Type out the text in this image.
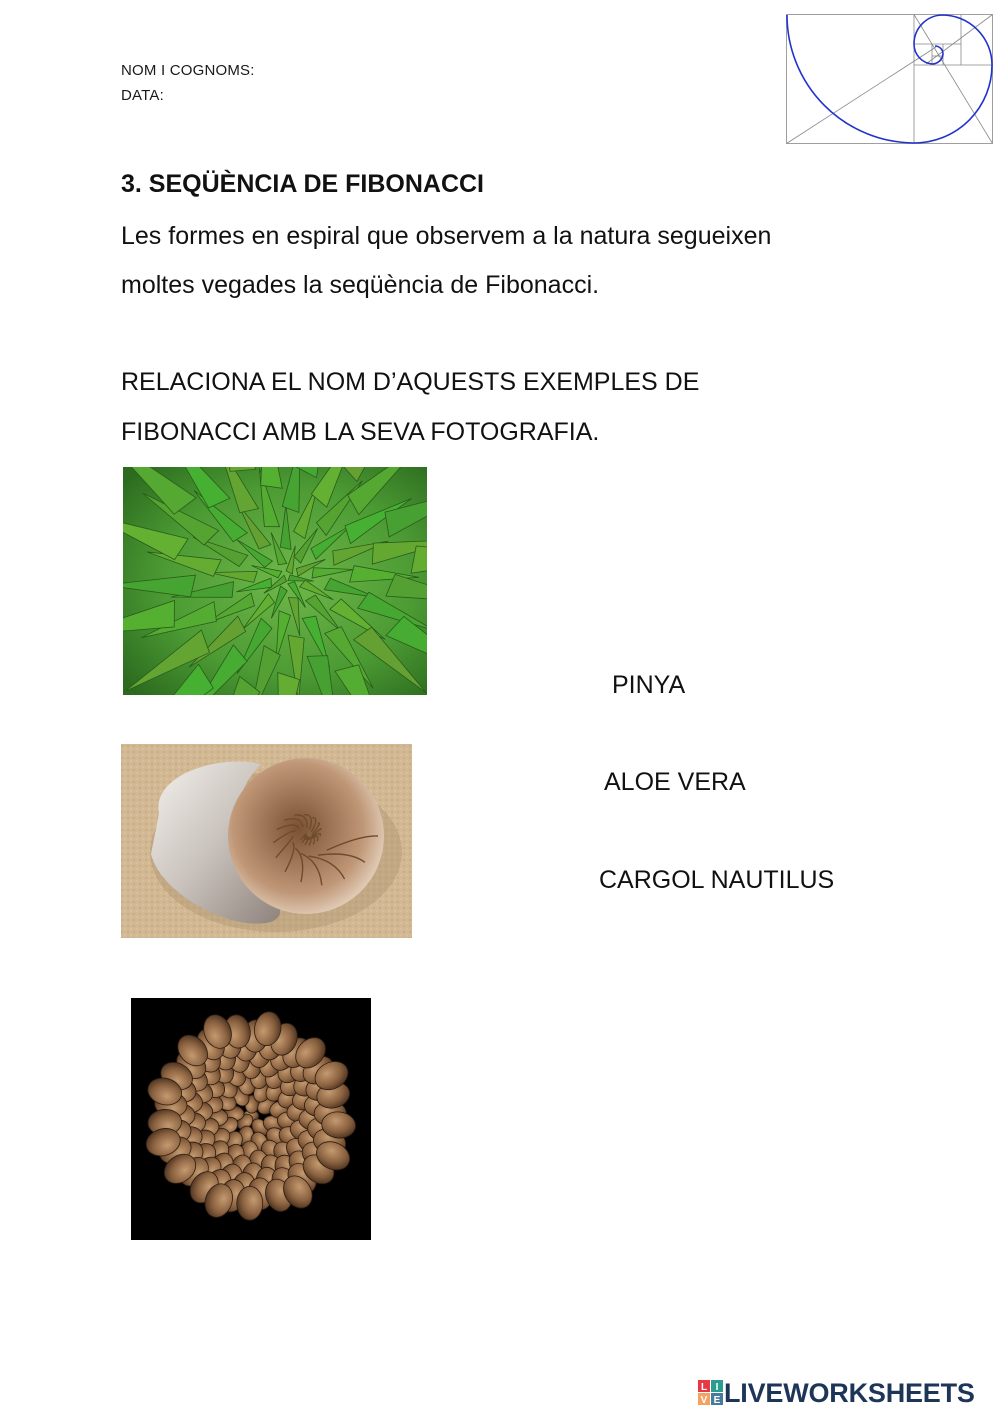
NOM I COGNOMS:
DATA:
3. SEQÜÈNCIA DE FIBONACCI
Les formes en espiral que observem a la natura segueixen
moltes vegades la seqüència de Fibonacci.
RELACIONA EL NOM D’AQUESTS EXEMPLES DE
FIBONACCI AMB LA SEVA FOTOGRAFIA.
PINYA
ALOE VERA
CARGOL NAUTILUS
L I
V E LIVEWORKSHEETS
